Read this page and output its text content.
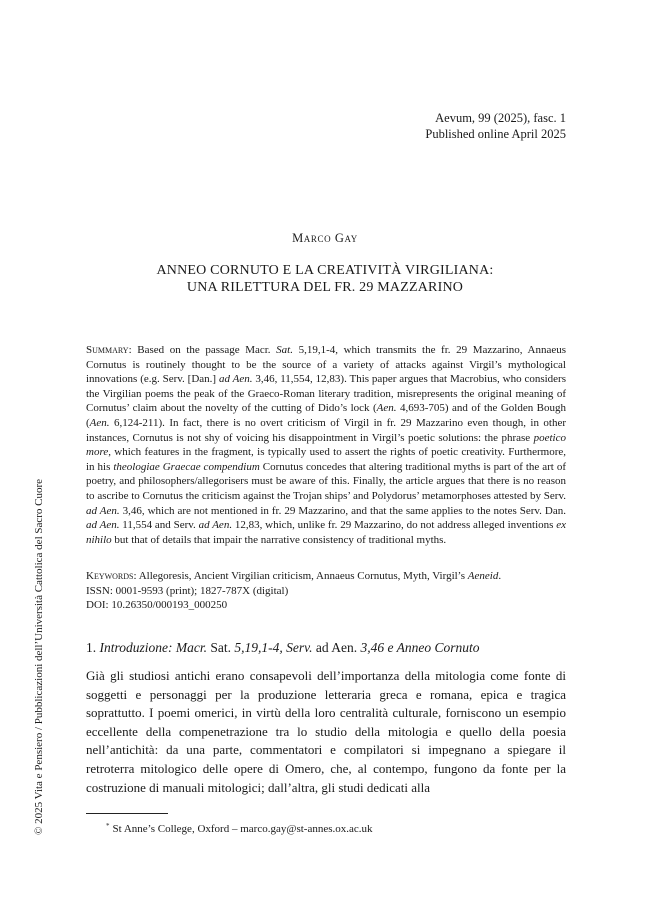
Aevum, 99 (2025), fasc. 1
Published online April 2025
Marco Gay
ANNEO CORNUTO E LA CREATIVITÀ VIRGILIANA:
UNA RILETTURA DEL FR. 29 MAZZARINO
Summary: Based on the passage Macr. Sat. 5,19,1-4, which transmits the fr. 29 Mazzarino, Annaeus Cornutus is routinely thought to be the source of a variety of attacks against Virgil’s mythological innovations (e.g. Serv. [Dan.] ad Aen. 3,46, 11,554, 12,83). This paper argues that Macrobius, who considers the Virgilian poems the peak of the Graeco-Roman literary tradition, misrepresents the original meaning of Cornutus’ claim about the novelty of the cutting of Dido’s lock (Aen. 4,693-705) and of the Golden Bough (Aen. 6,124-211). In fact, there is no overt criticism of Virgil in fr. 29 Mazzarino even though, in other instances, Cornutus is not shy of voicing his disappointment in Virgil’s poetic solutions: the phrase poetico more, which features in the fragment, is typically used to assert the rights of poetic creativity. Furthermore, in his theologiae Graecae compendium Cornutus concedes that altering traditional myths is part of the art of poetry, and philosophers/allegorisers must be aware of this. Finally, the article argues that there is no reason to ascribe to Cornutus the criticism against the Trojan ships’ and Polydorus’ metamorphoses attested by Serv. ad Aen. 3,46, which are not mentioned in fr. 29 Mazzarino, and that the same applies to the notes Serv. Dan. ad Aen. 11,554 and Serv. ad Aen. 12,83, which, unlike fr. 29 Mazzarino, do not address alleged inventions ex nihilo but that of details that impair the narrative consistency of traditional myths.
Keywords: Allegoresis, Ancient Virgilian criticism, Annaeus Cornutus, Myth, Virgil’s Aeneid.
ISSN: 0001-9593 (print); 1827-787X (digital)
DOI: 10.26350/000193_000250
1. Introduzione: Macr. Sat. 5,19,1-4, Serv. ad Aen. 3,46 e Anneo Cornuto
Già gli studiosi antichi erano consapevoli dell’importanza della mitologia come fonte di soggetti e personaggi per la produzione letteraria greca e romana, epica e tragica soprattutto. I poemi omerici, in virtù della loro centralità culturale, forniscono un esempio eccellente della compenetrazione tra lo studio della mitologia e quello della poesia nell’antichità: da una parte, commentatori e compilatori si impegnano a spiegare il retroterra mitologico delle opere di Omero, che, al contempo, fungono da fonte per la costruzione di manuali mitologici; dall’altra, gli studi dedicati alla
* St Anne’s College, Oxford – marco.gay@st-annes.ox.ac.uk
© 2025 Vita e Pensiero / Pubblicazioni dell’Università Cattolica del Sacro Cuore
